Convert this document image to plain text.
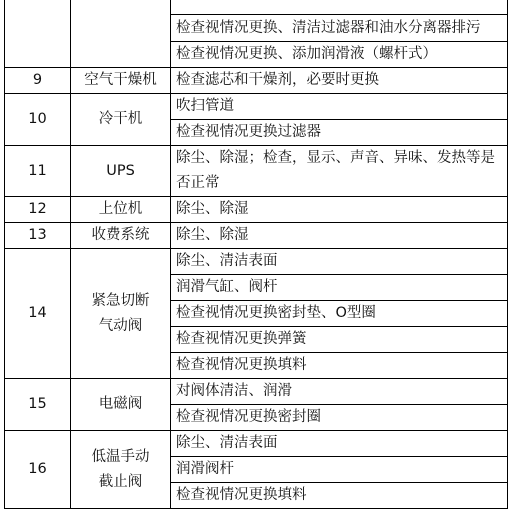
		检查视情况更换、清洁过滤器和油水分离器排污
		检查视情况更换、添加润滑液（螺杆式）
9	空气干燥机	检查滤芯和干燥剂，必要时更换
10	冷干机	吹扫管道
		检查视情况更换过滤器
11	UPS	除尘、除湿；检查，显示、声音、异味、发热等是否正常
12	上位机	除尘、除湿
13	收费系统	除尘、除湿
14	紧急切断气动阀	除尘、清洁表面
		润滑气缸、阀杆
		检查视情况更换密封垫、O型圈
		检查视情况更换弹簧
		检查视情况更换填料
15	电磁阀	对阀体清洁、润滑
		检查视情况更换密封圈
16	低温手动截止阀	除尘、清洁表面
		润滑阀杆
		检查视情况更换填料
